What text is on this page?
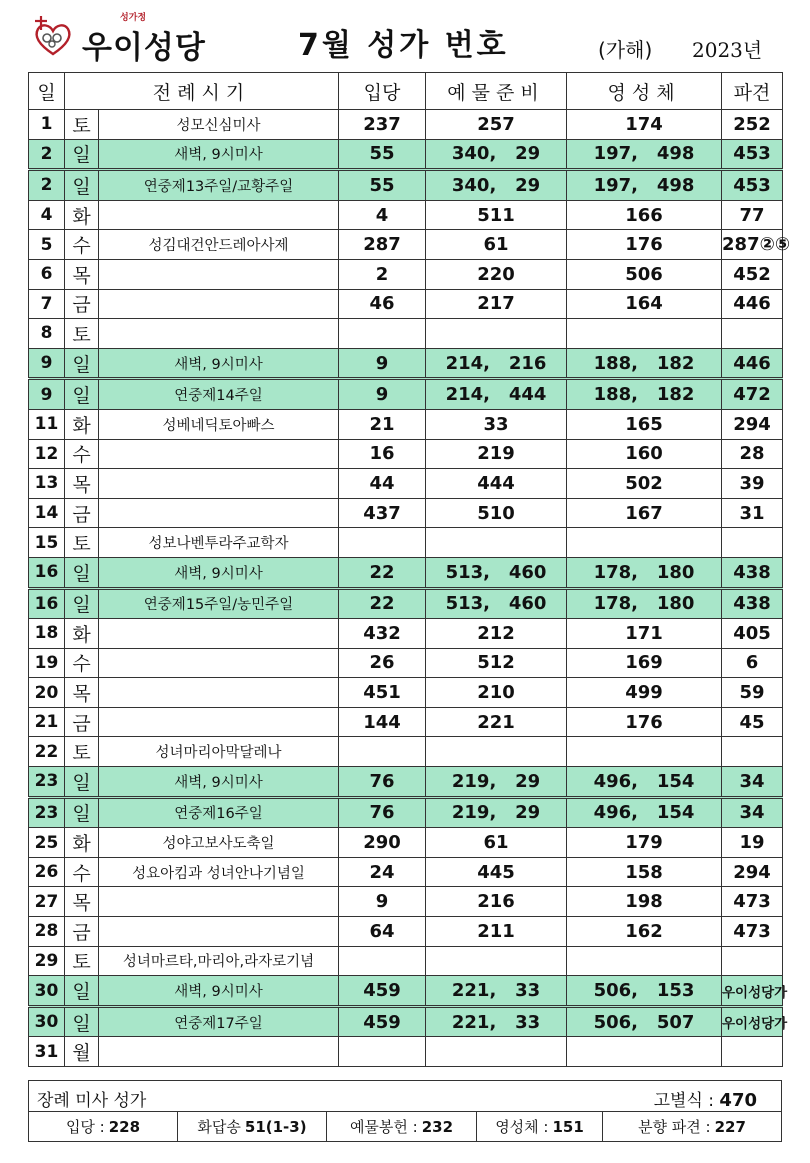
성가정
우이성당	7월 성가 번호	(가해) 2023년
일	전례시기		입당	예물준비	영성체	파견
1	토	성모신심미사	237	257	174	252
2	일	새벽, 9시미사	55	340,   29	197,   498	453
2	일	연중제13주일/교황주일	55	340,   29	197,   498	453
4	화		4	511	166	77
5	수	성김대건안드레아사제	287	61	176	287②⑤
6	목		2	220	506	452
7	금		46	217	164	446
8	토					
9	일	새벽, 9시미사	9	214,   216	188,   182	446
9	일	연중제14주일	9	214,   444	188,   182	472
11	화	성베네딕토아빠스	21	33	165	294
12	수		16	219	160	28
13	목		44	444	502	39
14	금		437	510	167	31
15	토	성보나벤투라주교학자				
16	일	새벽, 9시미사	22	513,   460	178,   180	438
16	일	연중제15주일/농민주일	22	513,   460	178,   180	438
18	화		432	212	171	405
19	수		26	512	169	6
20	목		451	210	499	59
21	금		144	221	176	45
22	토	성녀마리아막달레나				
23	일	새벽, 9시미사	76	219,   29	496,   154	34
23	일	연중제16주일	76	219,   29	496,   154	34
25	화	성야고보사도축일	290	61	179	19
26	수	성요아킴과 성녀안나기념일	24	445	158	294
27	목		9	216	198	473
28	금		64	211	162	473
29	토	성녀마르타,마리아,라자로기념				
30	일	새벽, 9시미사	459	221,   33	506,   153	우이성당가
30	일	연중제17주일	459	221,   33	506,   507	우이성당가
31	월					
장례 미사 성가	고별식 : 470
입당 : 228	화답송 51(1-3)	예물봉헌 : 232	영성체 : 151	분향 파견 : 227
